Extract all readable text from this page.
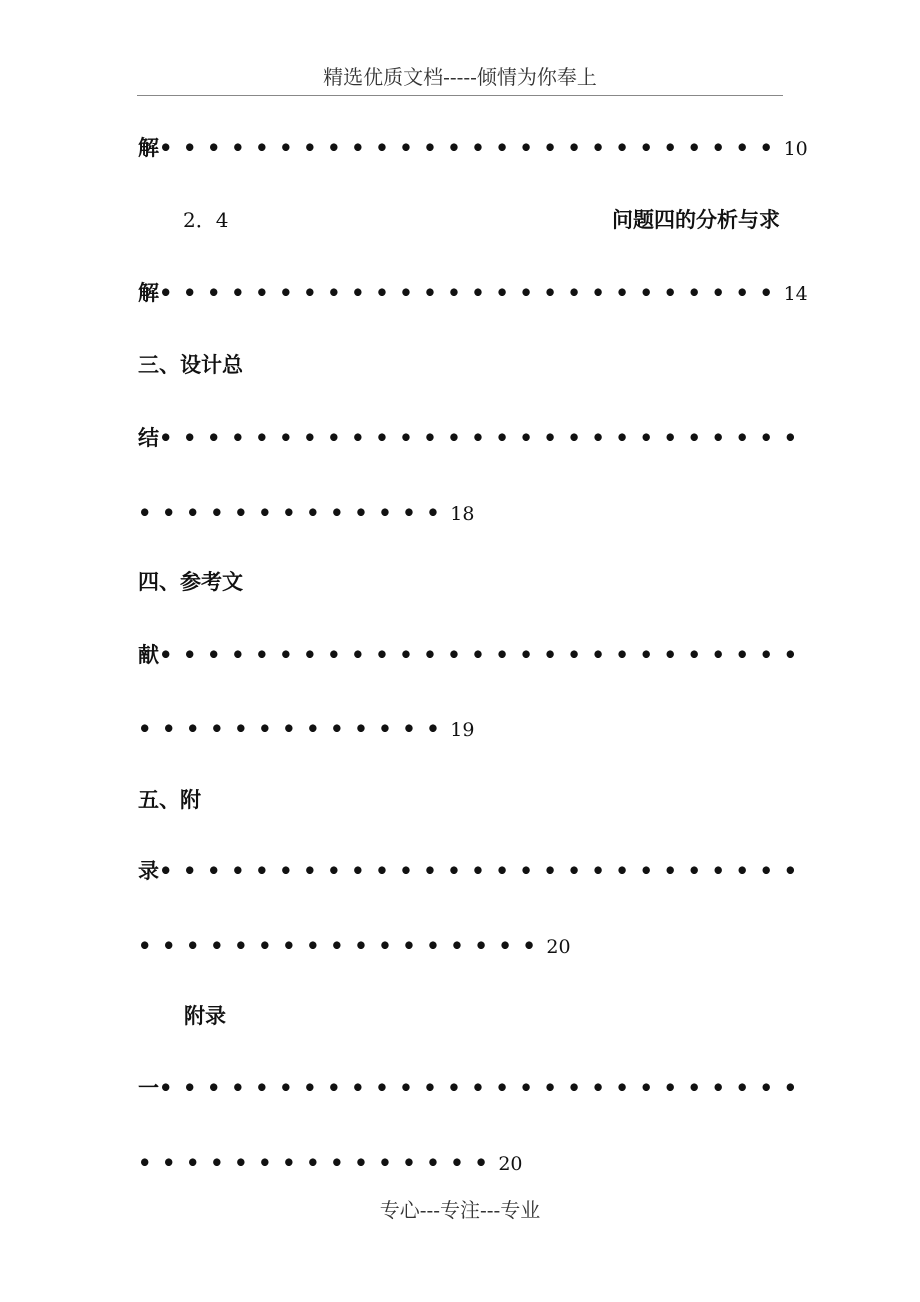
精选优质文档-----倾情为你奉上
解••••••••••••••••••••••••••10
2．4	问题四的分析与求
解••••••••••••••••••••••••••14
三、设计总
结•••••••••••••••••••••••••••
•••••••••••••18
四、参考文
献•••••••••••••••••••••••••••
•••••••••••••19
五、附
录•••••••••••••••••••••••••••
•••••••••••••••••20
附录
一•••••••••••••••••••••••••••
•••••••••••••••20
专心---专注---专业
